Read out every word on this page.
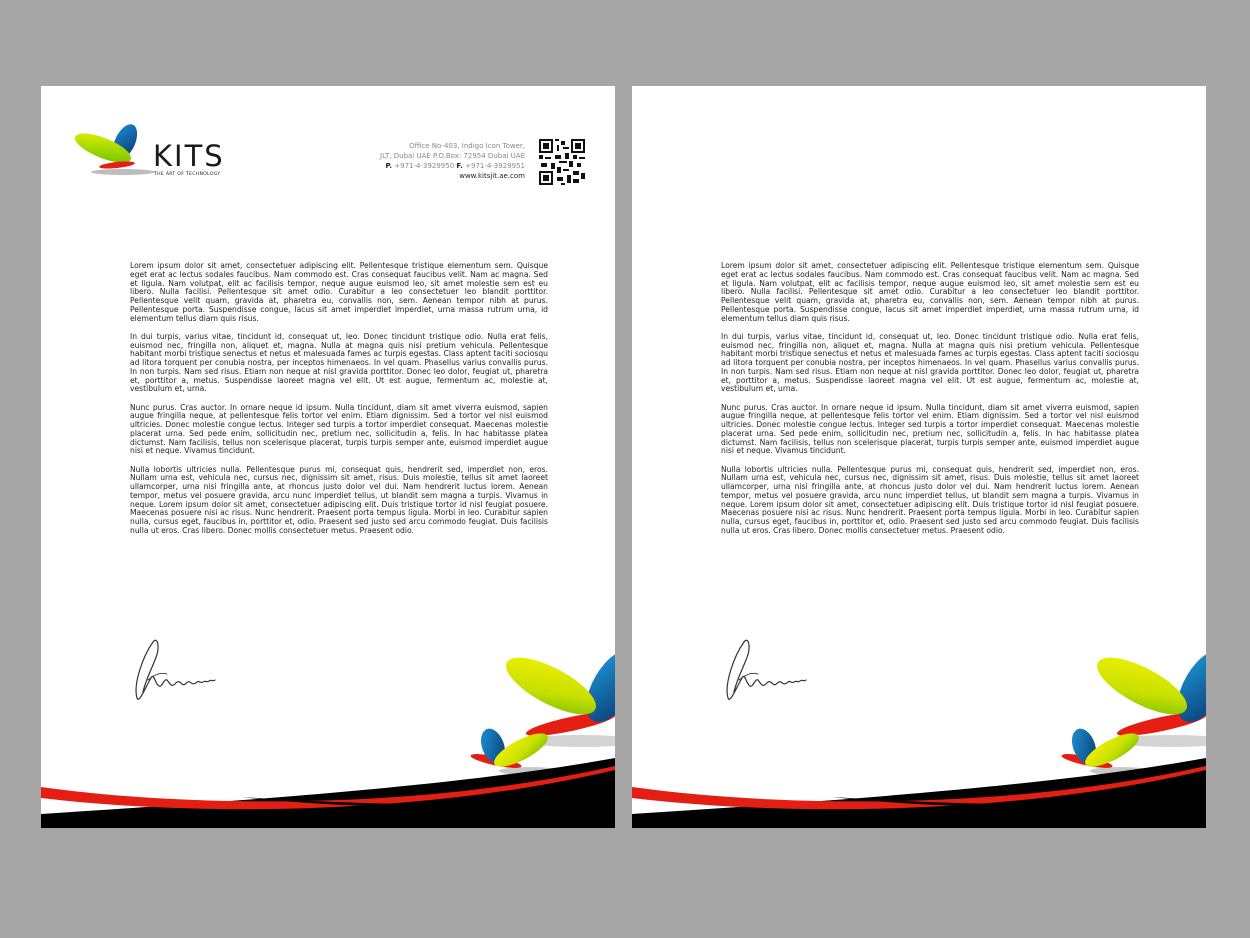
KITS
THE ART OF TECHNOLOGY
Office No-403, Indigo Icon Tower,
JLT, Dubai UAE P.O.Box: 72954 Dubai UAE
P. +971-4-3929950 F. +971-4-3929951
www.kitsjit.ae.com

Lorem ipsum dolor sit amet, consectetuer adipiscing elit. Pellentesque tristique elementum sem. Quisque eget erat ac lectus sodales faucibus. Nam commodo est. Cras consequat faucibus velit. Nam ac magna. Sed et ligula. Nam volutpat, elit ac facilisis tempor, neque augue euismod leo, sit amet molestie sem est eu libero. Nulla facilisi. Pellentesque sit amet odio. Curabitur a leo consectetuer leo blandit porttitor. Pellentesque velit quam, gravida at, pharetra eu, convallis non, sem. Aenean tempor nibh at purus. Pellentesque porta. Suspendisse congue, lacus sit amet imperdiet imperdiet, urna massa rutrum urna, id elementum tellus diam quis risus.

In dui turpis, varius vitae, tincidunt id, consequat ut, leo. Donec tincidunt tristique odio. Nulla erat felis, euismod nec, fringilla non, aliquet et, magna. Nulla at magna quis nisi pretium vehicula. Pellentesque habitant morbi tristique senectus et netus et malesuada fames ac turpis egestas. Class aptent taciti sociosqu ad litora torquent per conubia nostra, per inceptos himenaeos. In vel quam. Phasellus varius convallis purus. In non turpis. Nam sed risus. Etiam non neque at nisl gravida porttitor. Donec leo dolor, feugiat ut, pharetra et, porttitor a, metus. Suspendisse laoreet magna vel elit. Ut est augue, fermentum ac, molestie at, vestibulum et, urna.

Nunc purus. Cras auctor. In ornare neque id ipsum. Nulla tincidunt, diam sit amet viverra euismod, sapien augue fringilla neque, at pellentesque felis tortor vel enim. Etiam dignissim. Sed a tortor vel nisl euismod ultricies. Donec molestie congue lectus. Integer sed turpis a tortor imperdiet consequat. Maecenas molestie placerat urna. Sed pede enim, sollicitudin nec, pretium nec, sollicitudin a, felis. In hac habitasse platea dictumst. Nam facilisis, tellus non scelerisque placerat, turpis turpis semper ante, euismod imperdiet augue nisi et neque. Vivamus tincidunt.

Nulla lobortis ultricies nulla. Pellentesque purus mi, consequat quis, hendrerit sed, imperdiet non, eros. Nullam urna est, vehicula nec, cursus nec, dignissim sit amet, risus. Duis molestie, tellus sit amet laoreet ullamcorper, urna nisi fringilla ante, at rhoncus justo dolor vel dui. Nam hendrerit luctus lorem. Aenean tempor, metus vel posuere gravida, arcu nunc imperdiet tellus, ut blandit sem magna a turpis. Vivamus in neque. Lorem ipsum dolor sit amet, consectetuer adipiscing elit. Duis tristique tortor id nisl feugiat posuere. Maecenas posuere nisi ac risus. Nunc hendrerit. Praesent porta tempus ligula. Morbi in leo. Curabitur sapien nulla, cursus eget, faucibus in, porttitor et, odio. Praesent sed justo sed arcu commodo feugiat. Duis facilisis nulla ut eros. Cras libero. Donec mollis consectetuer metus. Praesent odio.

Lorem ipsum dolor sit amet, consectetuer adipiscing elit. Pellentesque tristique elementum sem. Quisque eget erat ac lectus sodales faucibus. Nam commodo est. Cras consequat faucibus velit. Nam ac magna. Sed et ligula. Nam volutpat, elit ac facilisis tempor, neque augue euismod leo, sit amet molestie sem est eu libero. Nulla facilisi. Pellentesque sit amet odio. Curabitur a leo consectetuer leo blandit porttitor. Pellentesque velit quam, gravida at, pharetra eu, convallis non, sem. Aenean tempor nibh at purus. Pellentesque porta. Suspendisse congue, lacus sit amet imperdiet imperdiet, urna massa rutrum urna, id elementum tellus diam quis risus.

In dui turpis, varius vitae, tincidunt id, consequat ut, leo. Donec tincidunt tristique odio. Nulla erat felis, euismod nec, fringilla non, aliquet et, magna. Nulla at magna quis nisi pretium vehicula. Pellentesque habitant morbi tristique senectus et netus et malesuada fames ac turpis egestas. Class aptent taciti sociosqu ad litora torquent per conubia nostra, per inceptos himenaeos. In vel quam. Phasellus varius convallis purus. In non turpis. Nam sed risus. Etiam non neque at nisl gravida porttitor. Donec leo dolor, feugiat ut, pharetra et, porttitor a, metus. Suspendisse laoreet magna vel elit. Ut est augue, fermentum ac, molestie at, vestibulum et, urna.

Nunc purus. Cras auctor. In ornare neque id ipsum. Nulla tincidunt, diam sit amet viverra euismod, sapien augue fringilla neque, at pellentesque felis tortor vel enim. Etiam dignissim. Sed a tortor vel nisl euismod ultricies. Donec molestie congue lectus. Integer sed turpis a tortor imperdiet consequat. Maecenas molestie placerat urna. Sed pede enim, sollicitudin nec, pretium nec, sollicitudin a, felis. In hac habitasse platea dictumst. Nam facilisis, tellus non scelerisque placerat, turpis turpis semper ante, euismod imperdiet augue nisi et neque. Vivamus tincidunt.

Nulla lobortis ultricies nulla. Pellentesque purus mi, consequat quis, hendrerit sed, imperdiet non, eros. Nullam urna est, vehicula nec, cursus nec, dignissim sit amet, risus. Duis molestie, tellus sit amet laoreet ullamcorper, urna nisi fringilla ante, at rhoncus justo dolor vel dui. Nam hendrerit luctus lorem. Aenean tempor, metus vel posuere gravida, arcu nunc imperdiet tellus, ut blandit sem magna a turpis. Vivamus in neque. Lorem ipsum dolor sit amet, consectetuer adipiscing elit. Duis tristique tortor id nisl feugiat posuere. Maecenas posuere nisi ac risus. Nunc hendrerit. Praesent porta tempus ligula. Morbi in leo. Curabitur sapien nulla, cursus eget, faucibus in, porttitor et, odio. Praesent sed justo sed arcu commodo feugiat. Duis facilisis nulla ut eros. Cras libero. Donec mollis consectetuer metus. Praesent odio.
